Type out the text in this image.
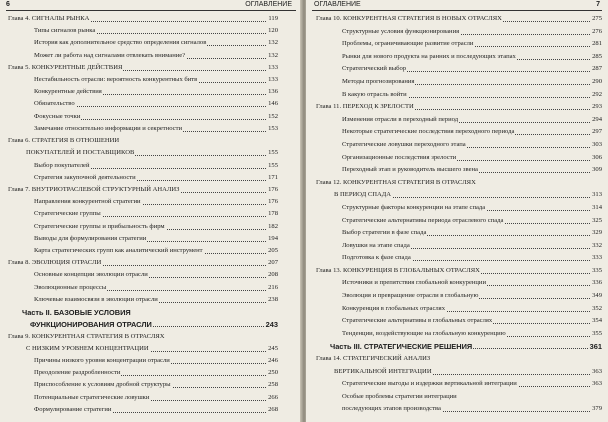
6	ОГЛАВЛЕНИЕ
Глава 4. СИГНАЛЫ РЫНКА	119
Типы сигналов рынка	120
История как дополнительное средство определения сигналов	132
Может ли работа над сигналами отвлекать внимание?	132
Глава 5. КОНКУРЕНТНЫЕ ДЕЙСТВИЯ	133
Нестабильность отрасли: вероятность конкурентных битв	133
Конкурентные действия	136
Обязательство	146
Фокусные точки	152
Замечание относительно информации и секретности	153
Глава 6. СТРАТЕГИЯ В ОТНОШЕНИИ
ПОКУПАТЕЛЕЙ И ПОСТАВЩИКОВ	155
Выбор покупателей	155
Стратегия закупочной деятельности	171
Глава 7. ВНУТРИОТРАСЛЕВОЙ СТРУКТУРНЫЙ АНАЛИЗ	176
Направления конкурентной стратегии	176
Стратегические группы	178
Стратегические группы и прибыльность фирм	182
Выводы для формулирования стратегии	194
Карта стратегических групп как аналитический инструмент	205
Глава 8. ЭВОЛЮЦИЯ ОТРАСЛИ	207
Основные концепции эволюции отрасли	208
Эволюционные процессы	216
Ключевые взаимосвязи в эволюции отрасли	238
Часть II. БАЗОВЫЕ УСЛОВИЯ
ФУНКЦИОНИРОВАНИЯ ОТРАСЛИ	243
Глава 9. КОНКУРЕНТНАЯ СТРАТЕГИЯ В ОТРАСЛЯХ
С НИЗКИМ УРОВНЕМ КОНЦЕНТРАЦИИ	245
Причины низкого уровня концентрации отрасли	246
Преодоление раздробленности	250
Приспособление к условиям дробной структуры	258
Потенциальные стратегические ловушки	266
Формулирование стратегии	268
7
ОГЛАВЛЕНИЕ
Глава 10. КОНКУРЕНТНАЯ СТРАТЕГИЯ В НОВЫХ ОТРАСЛЯХ	275
Структурные условия функционирования	276
Проблемы, ограничивающие развитие отрасли	281
Рынки для нового продукта на ранних и последующих этапах	285
Стратегический выбор	287
Методы прогнозирования	290
В какую отрасль войти	292
Глава 11. ПЕРЕХОД К ЗРЕЛОСТИ	293
Изменения отрасли в переходный период	294
Некоторые стратегические последствия переходного периода	297
Стратегические ловушки переходного этапа	303
Организационные последствия зрелости	306
Переходный этап и руководитель высшего звена	309
Глава 12. КОНКУРЕНТНАЯ СТРАТЕГИЯ В ОТРАСЛЯХ
В ПЕРИОД СПАДА	313
Структурные факторы конкуренции на этапе спада	314
Стратегические альтернативы периода отраслевого спада	325
Выбор стратегии в фазе спада	329
Ловушки на этапе спада	332
Подготовка к фазе спада	333
Глава 13. КОНКУРЕНЦИЯ В ГЛОБАЛЬНЫХ ОТРАСЛЯХ	335
Источники и препятствия глобальной конкуренции	336
Эволюция и превращение отрасли в глобальную	349
Конкуренция в глобальных отраслях	352
Стратегические альтернативы в глобальных отраслях	354
Тенденции, воздействующие на глобальную конкуренцию	355
Часть III. СТРАТЕГИЧЕСКИЕ РЕШЕНИЯ	361
Глава 14. СТРАТЕГИЧЕСКИЙ АНАЛИЗ
ВЕРТИКАЛЬНОЙ ИНТЕГРАЦИИ	363
Стратегические выгоды и издержки вертикальной интеграции	363
Особые проблемы стратегии интеграции
последующих этапов производства	379
